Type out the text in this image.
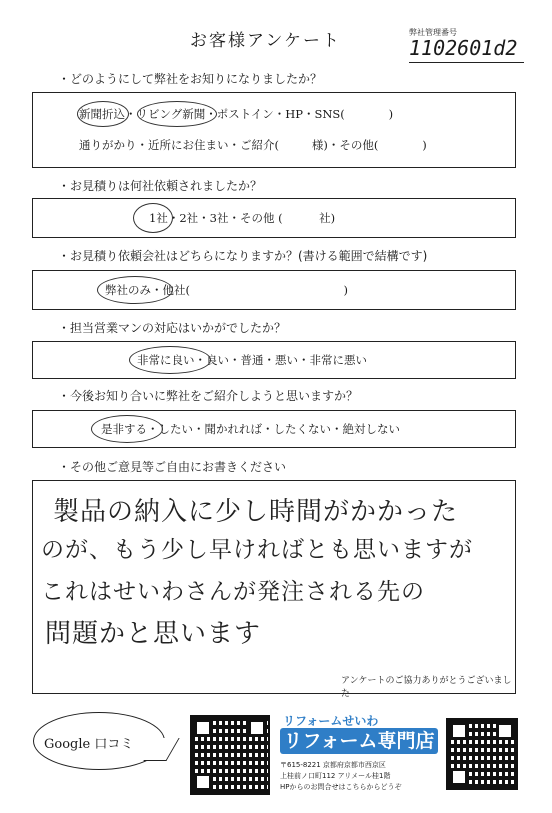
お客様アンケート	弊社管理番号
1102601d2
・どのようにして弊社をお知りになりましたか？
新聞折込・リビング新聞・ポストイン・HP・SNS(            )
通りがかり・近所にお住まい・ご紹介(         様)・その他(            )
・お見積りは何社依頼されましたか？
1社・2社・3社・その他 (          社)
・お見積り依頼会社はどちらになりますか？(書ける範囲で結構です)
弊社のみ・他社(                                          )
・担当営業マンの対応はいかがでしたか？
非常に良い・良い・普通・悪い・非常に悪い
・今後お知り合いに弊社をご紹介しようと思いますか？
是非する・したい・聞かれれば・したくない・絶対しない
・その他ご意見等ご自由にお書きください
製品の納入に少し時間がかかった
のが、もう少し早ければとも思いますが
これはせいわさんが発注される先の
問題かと思います
アンケートのご協力ありがとうございました
Google 口コミ
リフォームせいわ
リフォーム専門店
〒615-8221 京都府京都市西京区
上桂前ノ口町112 アリメール桂1階
HPからのお問合せはこちらからどうぞ
